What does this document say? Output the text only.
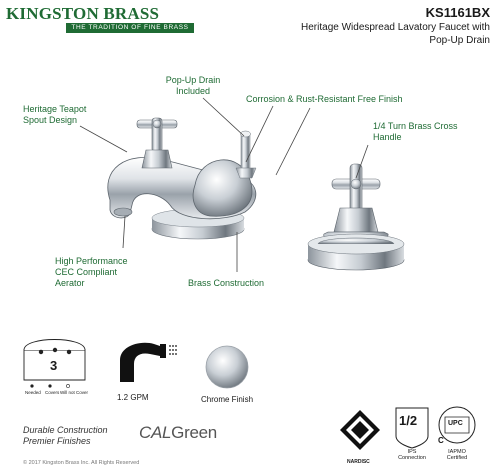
KINGSTON BRASS
THE TRADITION OF FINE BRASS
KS1161BX
Heritage Widespread Lavatory Faucet with
Pop-Up Drain
Pop-Up Drain
Included
Heritage Teapot
Spout Design
Corrosion & Rust-Resistant Free Finish
1/4 Turn Brass Cross
Handle
High Performance
CEC Compliant
Aerator	Brass Construction
3
Needed Covers Will not Cover
1.2 GPM	Chrome Finish
Durable Construction
Premier Finishes	CALGreen
© 2017 Kingston Brass Inc. All Rights Reserved	NARDISC
1/2
IPS
Connection
UPC
C
IAPMO
Certified
